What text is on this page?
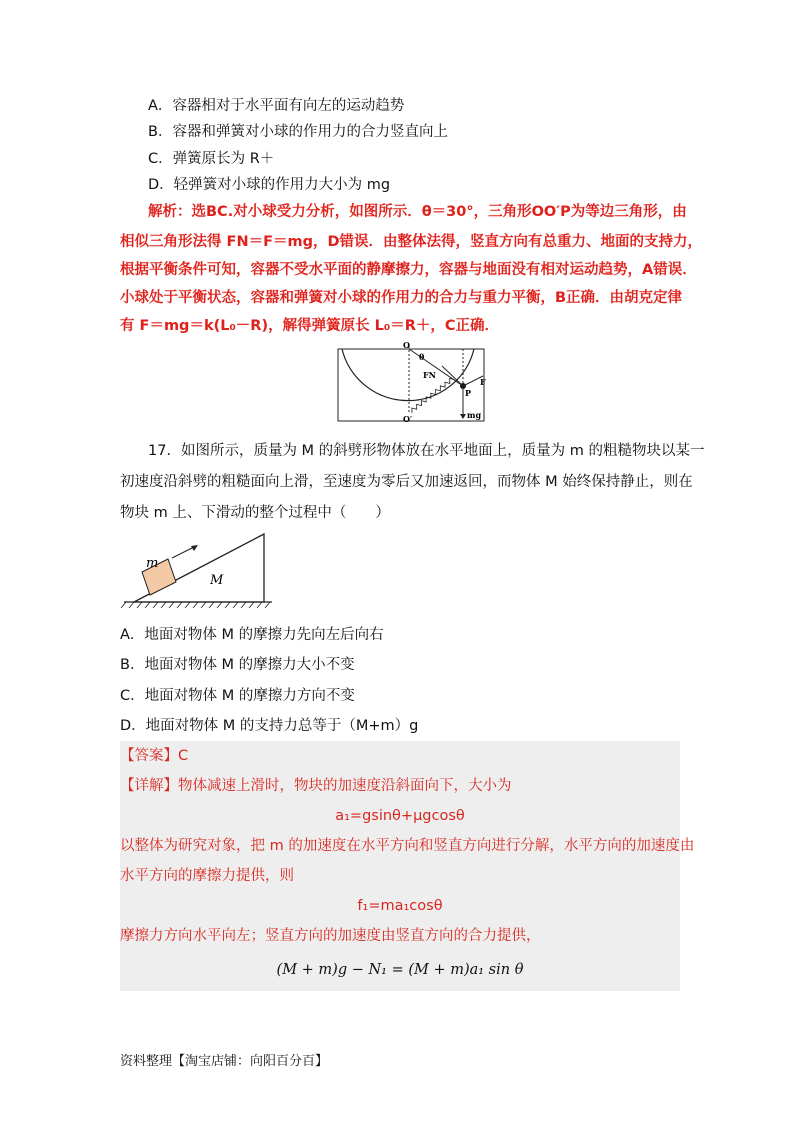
A．容器相对于水平面有向左的运动趋势
B．容器和弹簧对小球的作用力的合力竖直向上
C．弹簧原长为 R＋
D．轻弹簧对小球的作用力大小为 mg
解析：选BC.对小球受力分析，如图所示．θ＝30°，三角形OO′P为等边三角形，由
相似三角形法得 FN＝F＝mg，D错误．由整体法得，竖直方向有总重力、地面的支持力，
根据平衡条件可知，容器不受水平面的静摩擦力，容器与地面没有相对运动趋势，A错误．
小球处于平衡状态，容器和弹簧对小球的作用力的合力与重力平衡，B正确．由胡克定律
有 F＝mg＝k(L₀－R)，解得弹簧原长 L₀＝R＋，C正确．
O
θ
FN
F
P
O′	mg
17．如图所示，质量为 M 的斜劈形物体放在水平地面上，质量为 m 的粗糙物块以某一
初速度沿斜劈的粗糙面向上滑，至速度为零后又加速返回，而物体 M 始终保持静止，则在
物块 m 上、下滑动的整个过程中（　　）
m
M
A．地面对物体 M 的摩擦力先向左后向右
B．地面对物体 M 的摩擦力大小不变
C．地面对物体 M 的摩擦力方向不变
D．地面对物体 M 的支持力总等于（M+m）g
【答案】C
【详解】物体减速上滑时，物块的加速度沿斜面向下，大小为
a₁=gsinθ+μgcosθ
以整体为研究对象，把 m 的加速度在水平方向和竖直方向进行分解，水平方向的加速度由
水平方向的摩擦力提供，则
f₁=ma₁cosθ
摩擦力方向水平向左；竖直方向的加速度由竖直方向的合力提供，
(M + m)g − N₁ = (M + m)a₁ sin θ
资料整理【淘宝店铺：向阳百分百】
